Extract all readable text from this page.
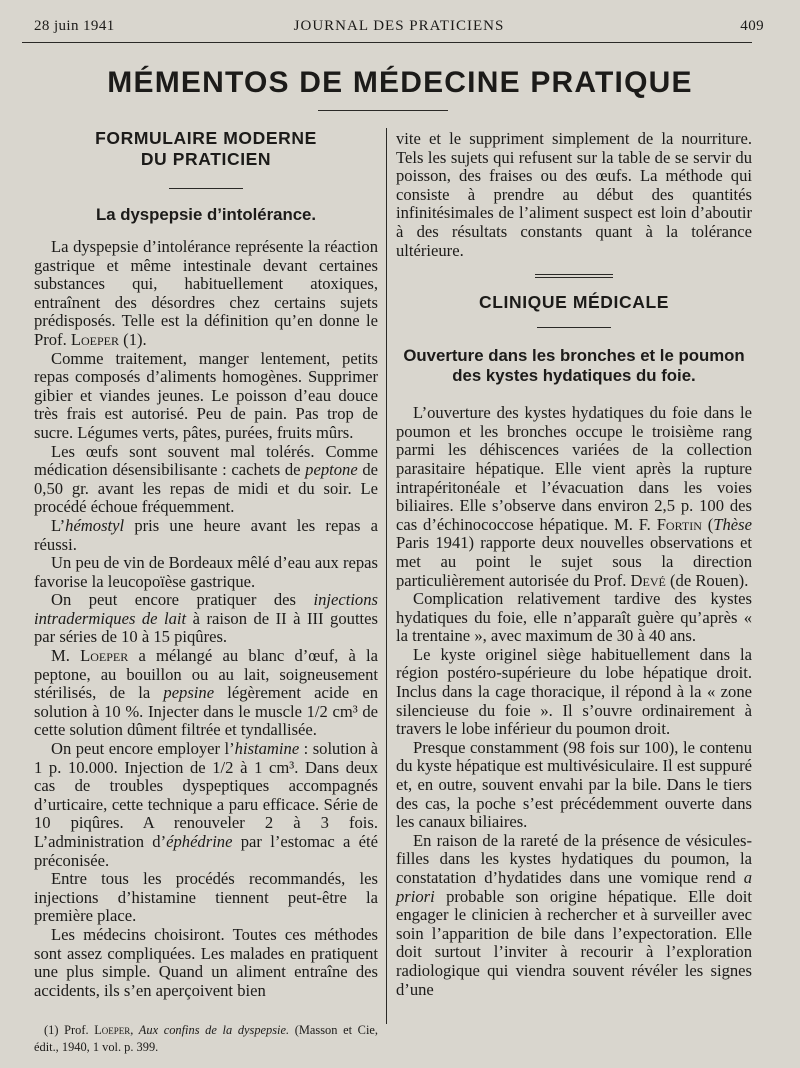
28 juin 1941	JOURNAL DES PRATICIENS	409
MÉMENTOS DE MÉDECINE PRATIQUE
FORMULAIRE MODERNE
DU PRATICIEN
La dyspepsie d’intolérance.

La dyspepsie d’intolérance représente la réaction gastrique et même intestinale devant certaines substances qui, habituellement atoxiques, entraînent des désordres chez certains sujets prédisposés. Telle est la définition qu’en donne le Prof. Loeper (1).

Comme traitement, manger lentement, petits repas composés d’aliments homogènes. Supprimer gibier et viandes jeunes. Le poisson d’eau douce très frais est autorisé. Peu de pain. Pas trop de sucre. Légumes verts, pâtes, purées, fruits mûrs.

Les œufs sont souvent mal tolérés. Comme médication désensibilisante : cachets de peptone de 0,50 gr. avant les repas de midi et du soir. Le procédé échoue fréquemment.

L’hémostyl pris une heure avant les repas a réussi.

Un peu de vin de Bordeaux mêlé d’eau aux repas favorise la leucopoïèse gastrique.

On peut encore pratiquer des injections intradermiques de lait à raison de II à III gouttes par séries de 10 à 15 piqûres.

M. Loeper a mélangé au blanc d’œuf, à la peptone, au bouillon ou au lait, soigneusement stérilisés, de la pepsine légèrement acide en solution à 10 %. Injecter dans le muscle 1/2 cm³ de cette solution dûment filtrée et tyndallisée.

On peut encore employer l’histamine : solution à 1 p. 10.000. Injection de 1/2 à 1 cm³. Dans deux cas de troubles dyspeptiques accompagnés d’urticaire, cette technique a paru efficace. Série de 10 piqûres. A renouveler 2 à 3 fois. L’administration d’éphédrine par l’estomac a été préconisée.

Entre tous les procédés recommandés, les injections d’histamine tiennent peut-être la première place.

Les médecins choisiront. Toutes ces méthodes sont assez compliquées. Les malades en pratiquent une plus simple. Quand un aliment entraîne des accidents, ils s’en aperçoivent bien

(1) Prof. Loeper, Aux confins de la dyspepsie. (Masson et Cie, édit., 1940, 1 vol. p. 399.

vite et le suppriment simplement de la nourriture. Tels les sujets qui refusent sur la table de se servir du poisson, des fraises ou des œufs. La méthode qui consiste à prendre au début des quantités infinitésimales de l’aliment suspect est loin d’aboutir à des résultats constants quant à la tolérance ultérieure.

CLINIQUE MÉDICALE
Ouverture dans les bronches et le poumon
des kystes hydatiques du foie.

L’ouverture des kystes hydatiques du foie dans le poumon et les bronches occupe le troisième rang parmi les déhiscences variées de la collection parasitaire hépatique. Elle vient après la rupture intrapéritonéale et l’évacuation dans les voies biliaires. Elle s’observe dans environ 2,5 p. 100 des cas d’échinococcose hépatique. M. F. Fortin (Thèse Paris 1941) rapporte deux nouvelles observations et met au point le sujet sous la direction particulièrement autorisée du Prof. Devé (de Rouen).

Complication relativement tardive des kystes hydatiques du foie, elle n’apparaît guère qu’après « la trentaine », avec maximum de 30 à 40 ans.

Le kyste originel siège habituellement dans la région postéro-supérieure du lobe hépatique droit. Inclus dans la cage thoracique, il répond à la « zone silencieuse du foie ». Il s’ouvre ordinairement à travers le lobe inférieur du poumon droit.

Presque constamment (98 fois sur 100), le contenu du kyste hépatique est multivésiculaire. Il est suppuré et, en outre, souvent envahi par la bile. Dans le tiers des cas, la poche s’est précédemment ouverte dans les canaux biliaires.

En raison de la rareté de la présence de vésicules-filles dans les kystes hydatiques du poumon, la constatation d’hydatides dans une vomique rend a priori probable son origine hépatique. Elle doit engager le clinicien à rechercher et à surveiller avec soin l’apparition de bile dans l’expectoration. Elle doit surtout l’inviter à recourir à l’exploration radiologique qui viendra souvent révéler les signes d’une
